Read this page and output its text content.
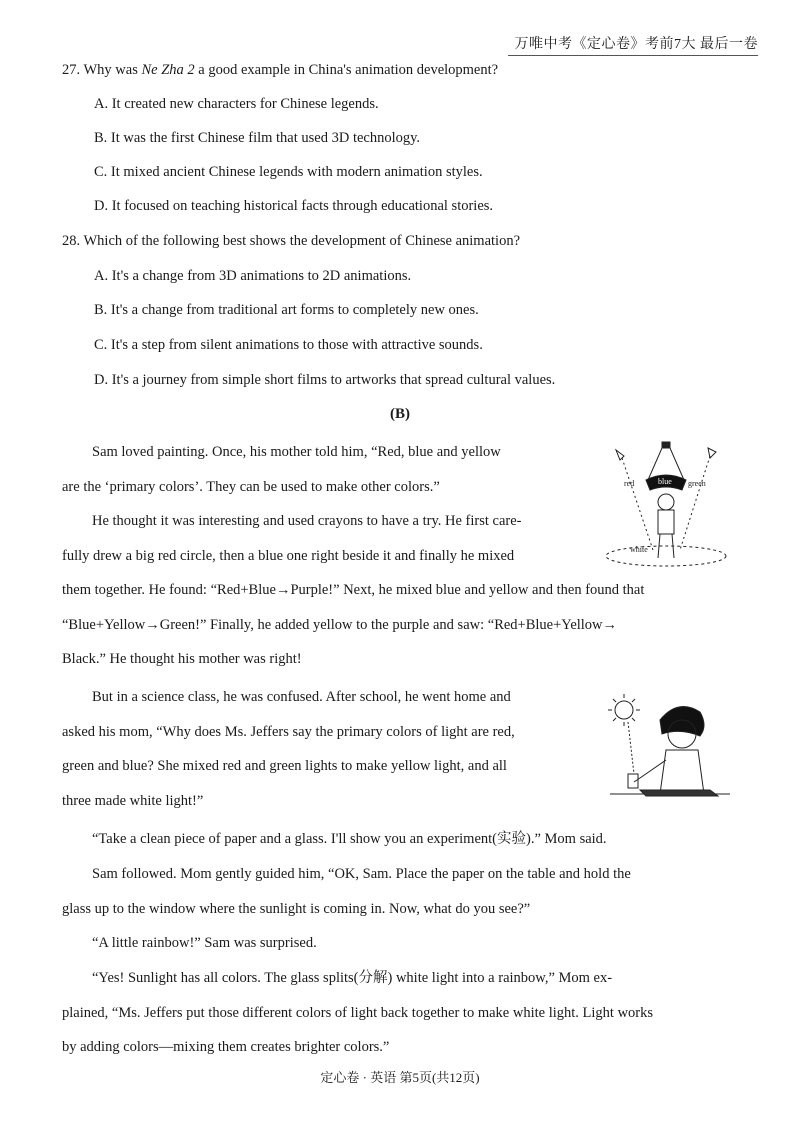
万唯中考《定心卷》考前7大 最后一卷
27. Why was Ne Zha 2 a good example in China's animation development?
A. It created new characters for Chinese legends.
B. It was the first Chinese film that used 3D technology.
C. It mixed ancient Chinese legends with modern animation styles.
D. It focused on teaching historical facts through educational stories.
28. Which of the following best shows the development of Chinese animation?
A. It's a change from 3D animations to 2D animations.
B. It's a change from traditional art forms to completely new ones.
C. It's a step from silent animations to those with attractive sounds.
D. It's a journey from simple short films to artworks that spread cultural values.
(B)
Sam loved painting. Once, his mother told him, “Red, blue and yellow
are the ‘primary colors’. They can be used to make other colors.”
He thought it was interesting and used crayons to have a try. He first care-
fully drew a big red circle, then a blue one right beside it and finally he mixed
them together. He found: “Red+Blue→Purple!” Next, he mixed blue and yellow and then found that
“Blue+Yellow→Green!” Finally, he added yellow to the purple and saw: “Red+Blue+Yellow→
Black.” He thought his mother was right!
But in a science class, he was confused. After school, he went home and
asked his mom, “Why does Ms. Jeffers say the primary colors of light are red,
green and blue? She mixed red and green lights to make yellow light, and all
three made white light!”
“Take a clean piece of paper and a glass. I'll show you an experiment(实验).” Mom said.
Sam followed. Mom gently guided him, “OK, Sam. Place the paper on the table and hold the
glass up to the window where the sunlight is coming in. Now, what do you see?”
“A little rainbow!” Sam was surprised.
“Yes! Sunlight has all colors. The glass splits(分解) white light into a rainbow,” Mom ex-
plained, “Ms. Jeffers put those different colors of light back together to make white light. Light works
by adding colors—mixing them creates brighter colors.”
red	blue green
white
定心卷 · 英语 第5页(共12页)
